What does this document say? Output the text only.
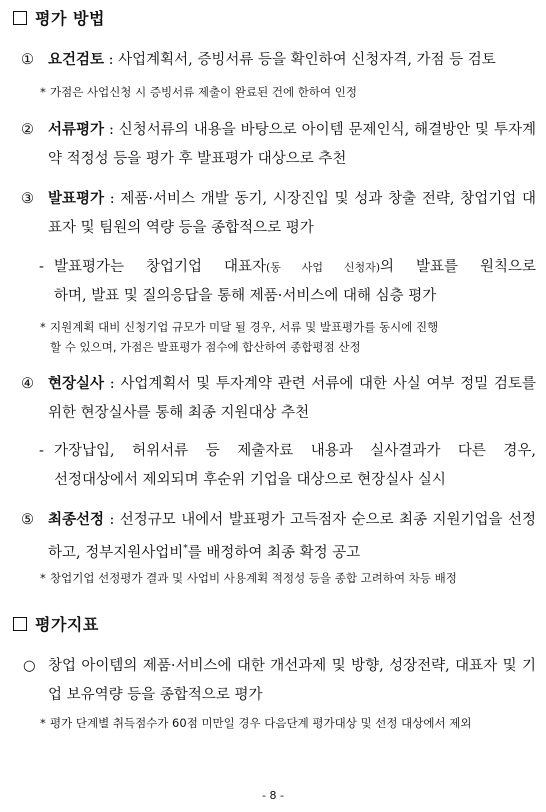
평가 방법
① 요건검토 : 사업계획서, 증빙서류 등을 확인하여 신청자격, 가점 등 검토
* 가점은 사업신청 시 증빙서류 제출이 완료된 건에 한하여 인정
② 서류평가 : 신청서류의 내용을 바탕으로 아이템 문제인식, 해결방안 및 투자계약 적정성 등을 평가 후 발표평가 대상으로 추천
③ 발표평가 : 제품·서비스 개발 동기, 시장진입 및 성과 창출 전략, 창업기업 대표자 및 팀원의 역량 등을 종합적으로 평가
- 발표평가는 창업기업 대표자(동 사업 신청자)의 발표를 원칙으로
하며, 발표 및 질의응답을 통해 제품·서비스에 대해 심층 평가
* 지원계획 대비 신청기업 규모가 미달 될 경우, 서류 및 발표평가를 동시에 진행
할 수 있으며, 가점은 발표평가 점수에 합산하여 종합평점 산정
④ 현장실사 : 사업계획서 및 투자계약 관련 서류에 대한 사실 여부 정밀 검토를 위한 현장실사를 통해 최종 지원대상 추천
- 가장납입, 허위서류 등 제출자료 내용과 실사결과가 다른 경우,
선정대상에서 제외되며 후순위 기업을 대상으로 현장실사 실시
⑤ 최종선정 : 선정규모 내에서 발표평가 고득점자 순으로 최종 지원기업을 선정하고, 정부지원사업비*를 배정하여 최종 확정 공고
* 창업기업 선정평가 결과 및 사업비 사용계획 적정성 등을 종합 고려하여 차등 배정
평가지표
○ 창업 아이템의 제품·서비스에 대한 개선과제 및 방향, 성장전략, 대표자 및 기업 보유역량 등을 종합적으로 평가
* 평가 단계별 취득점수가 60점 미만일 경우 다음단계 평가대상 및 선정 대상에서 제외
- 8 -
